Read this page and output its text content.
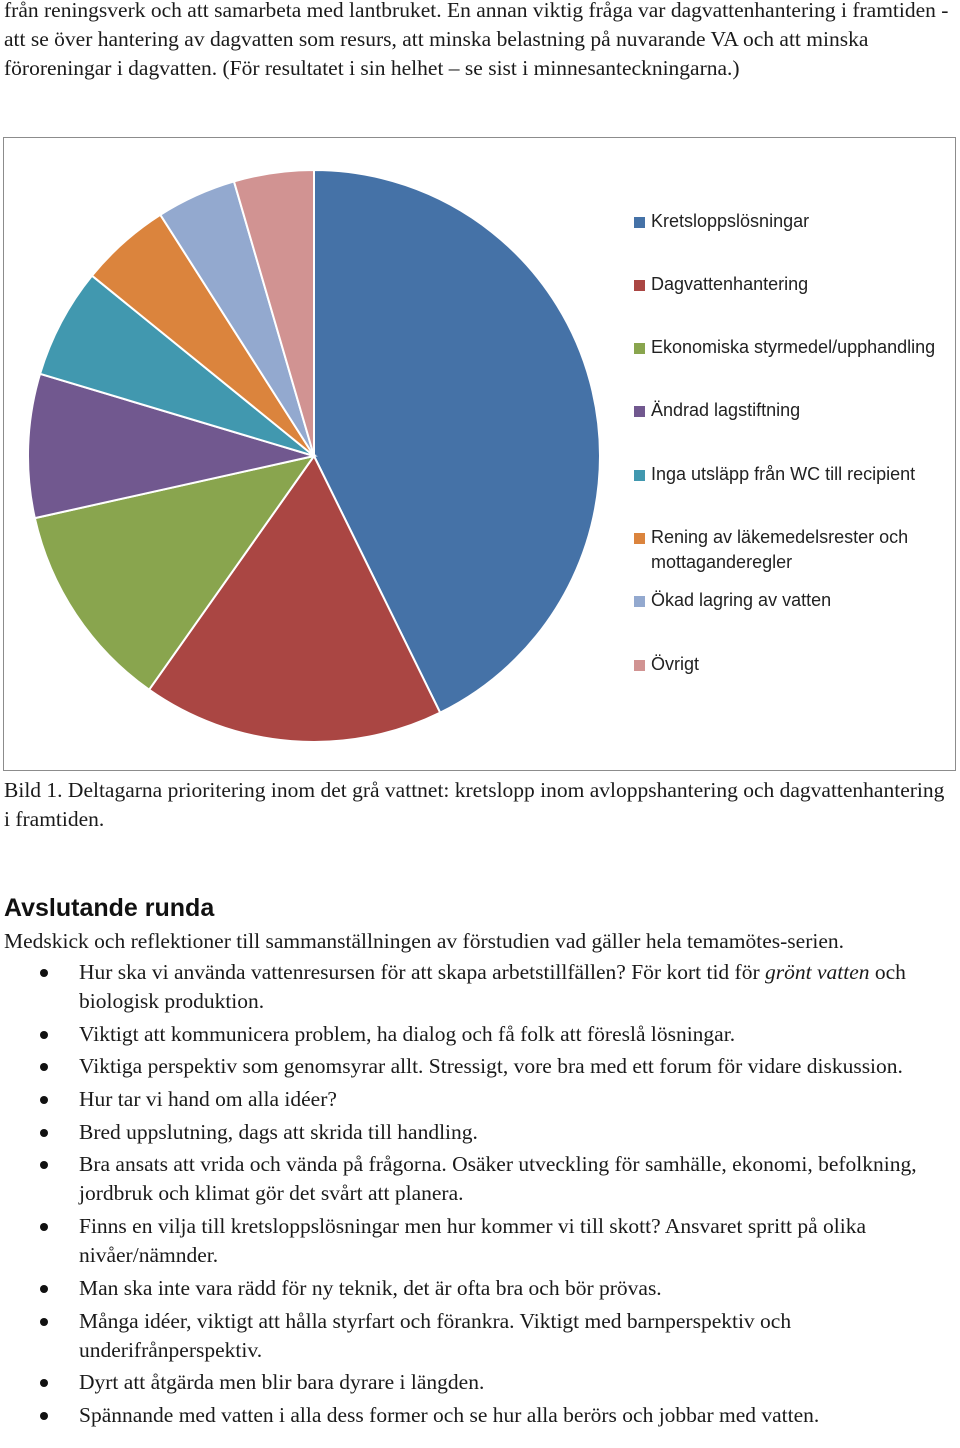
från reningsverk och att samarbeta med lantbruket. En annan viktig fråga var dagvattenhantering i framtiden - att se över hantering av dagvatten som resurs, att minska belastning på nuvarande VA och att minska föroreningar i dagvatten. (För resultatet i sin helhet – se sist i minnesanteckningarna.)

Kretsloppslösningar
Dagvattenhantering
Ekonomiska styrmedel/upphandling
Ändrad lagstiftning
Inga utsläpp från WC till recipient
Rening av läkemedelsrester och mottaganderegler
Ökad lagring av vatten
Övrigt

Bild 1. Deltagarna prioritering inom det grå vattnet: kretslopp inom avloppshantering och dagvattenhantering i framtiden.

Avslutande runda

Medskick och reflektioner till sammanställningen av förstudien vad gäller hela temamötes-serien.

Hur ska vi använda vattenresursen för att skapa arbetstillfällen? För kort tid för grönt vatten och biologisk produktion.
Viktigt att kommunicera problem, ha dialog och få folk att föreslå lösningar.
Viktiga perspektiv som genomsyrar allt. Stressigt, vore bra med ett forum för vidare diskussion.
Hur tar vi hand om alla idéer?
Bred uppslutning, dags att skrida till handling.
Bra ansats att vrida och vända på frågorna. Osäker utveckling för samhälle, ekonomi, befolkning, jordbruk och klimat gör det svårt att planera.
Finns en vilja till kretsloppslösningar men hur kommer vi till skott? Ansvaret spritt på olika nivåer/nämnder.
Man ska inte vara rädd för ny teknik, det är ofta bra och bör prövas.
Många idéer, viktigt att hålla styrfart och förankra. Viktigt med barnperspektiv och underifrånperspektiv.
Dyrt att åtgärda men blir bara dyrare i längden.
Spännande med vatten i alla dess former och se hur alla berörs och jobbar med vatten.
